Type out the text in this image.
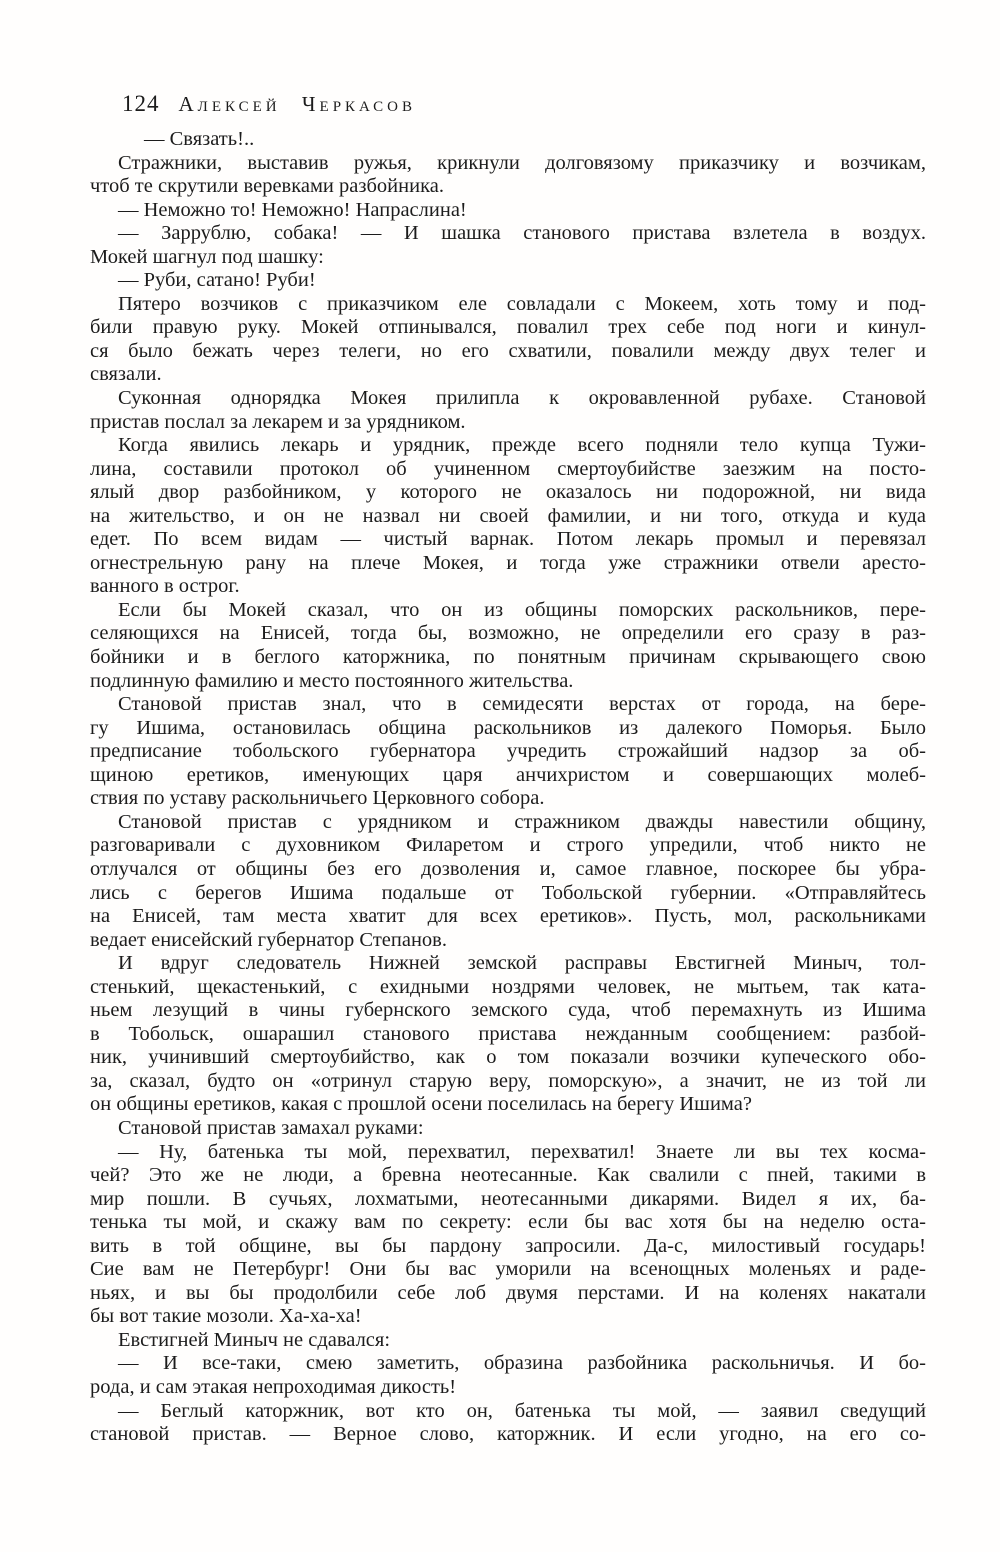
124 Алексей Черкасов
— Связать!..
Стражники, выставив ружья, крикнули долговязому приказчику и возчикам,
чтоб те скрутили веревками разбойника.
— Неможно то! Неможно! Напраслина!
— Заррублю, собака! — И шашка станового пристава взлетела в воздух.
Мокей шагнул под шашку:
— Руби, сатано! Руби!
Пятеро возчиков с приказчиком еле совладали с Мокеем, хоть тому и под-
били правую руку. Мокей отпинывался, повалил трех себе под ноги и кинул-
ся было бежать через телеги, но его схватили, повалили между двух телег и
связали.
Суконная однорядка Мокея прилипла к окровавленной рубахе. Становой
пристав послал за лекарем и за урядником.
Когда явились лекарь и урядник, прежде всего подняли тело купца Тужи-
лина, составили протокол об учиненном смертоубийстве заезжим на посто-
ялый двор разбойником, у которого не оказалось ни подорожной, ни вида
на жительство, и он не назвал ни своей фамилии, и ни того, откуда и куда
едет. По всем видам — чистый варнак. Потом лекарь промыл и перевязал
огнестрельную рану на плече Мокея, и тогда уже стражники отвели аресто-
ванного в острог.
Если бы Мокей сказал, что он из общины поморских раскольников, пере-
селяющихся на Енисей, тогда бы, возможно, не определили его сразу в раз-
бойники и в беглого каторжника, по понятным причинам скрывающего свою
подлинную фамилию и место постоянного жительства.
Становой пристав знал, что в семидесяти верстах от города, на бере-
гу Ишима, остановилась община раскольников из далекого Поморья. Было
предписание тобольского губернатора учредить строжайший надзор за об-
щиною еретиков, именующих царя анчихристом и совершающих молеб-
ствия по уставу раскольничьего Церковного собора.
Становой пристав с урядником и стражником дважды навестили общину,
разговаривали с духовником Филаретом и строго упредили, чтоб никто не
отлучался от общины без его дозволения и, самое главное, поскорее бы убра-
лись с берегов Ишима подальше от Тобольской губернии. «Отправляйтесь
на Енисей, там места хватит для всех еретиков». Пусть, мол, раскольниками
ведает енисейский губернатор Степанов.
И вдруг следователь Нижней земской расправы Евстигней Миныч, тол-
стенький, щекастенький, с ехидными ноздрями человек, не мытьем, так ката-
ньем лезущий в чины губернского земского суда, чтоб перемахнуть из Ишима
в Тобольск, ошарашил станового пристава нежданным сообщением: разбой-
ник, учинивший смертоубийство, как о том показали возчики купеческого обо-
за, сказал, будто он «отринул старую веру, поморскую», а значит, не из той ли
он общины еретиков, какая с прошлой осени поселилась на берегу Ишима?
Становой пристав замахал руками:
— Ну, батенька ты мой, перехватил, перехватил! Знаете ли вы тех косма-
чей? Это же не люди, а бревна неотесанные. Как свалили с пней, такими в
мир пошли. В сучьях, лохматыми, неотесанными дикарями. Видел я их, ба-
тенька ты мой, и скажу вам по секрету: если бы вас хотя бы на неделю оста-
вить в той общине, вы бы пардону запросили. Да-с, милостивый государь!
Сие вам не Петербург! Они бы вас уморили на всенощных моленьях и раде-
ньях, и вы бы продолбили себе лоб двумя перстами. И на коленях накатали
бы вот такие мозоли. Ха-ха-ха!
Евстигней Миныч не сдавался:
— И все-таки, смею заметить, образина разбойника раскольничья. И бо-
рода, и сам этакая непроходимая дикость!
— Беглый каторжник, вот кто он, батенька ты мой, — заявил сведущий
становой пристав. — Верное слово, каторжник. И если угодно, на его со-
